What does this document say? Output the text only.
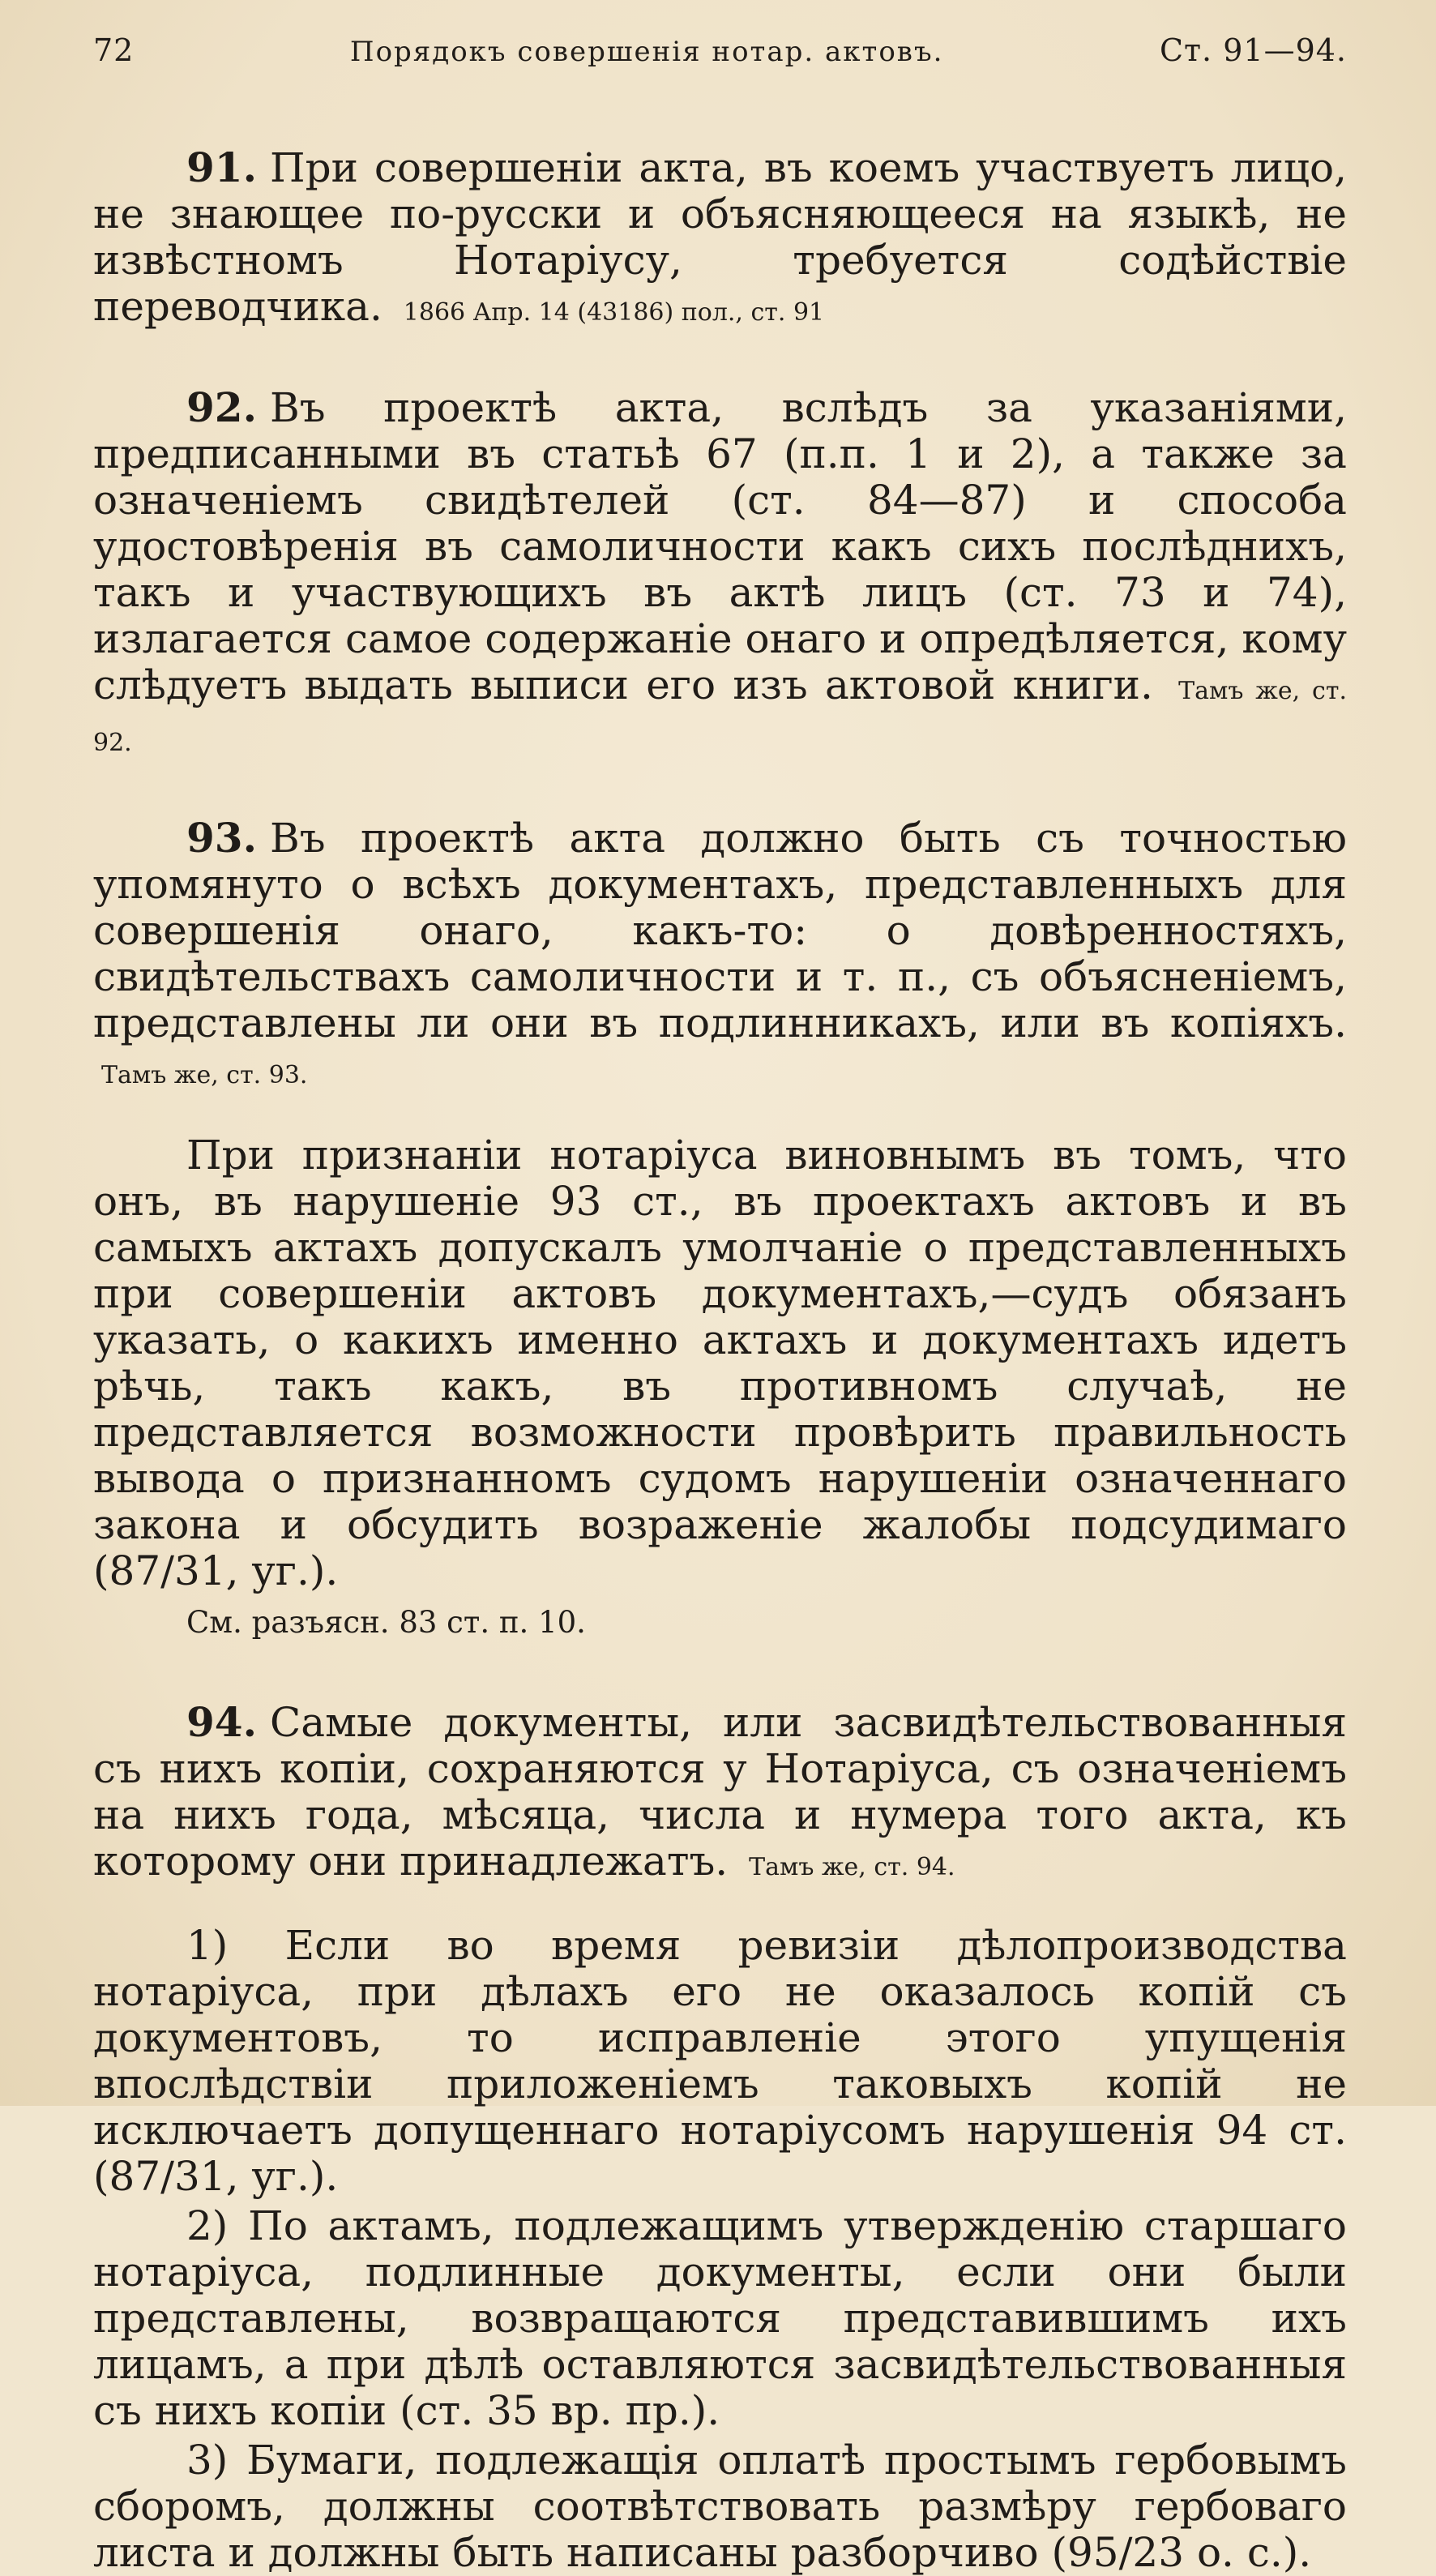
72	Порядокъ совершенія нотар. актовъ.	Ст. 91—94.

91. При совершеніи акта, въ коемъ участвуетъ лицо, не знающее по-русски и объясняющееся на языкѣ, не извѣстномъ Нотаріусу, требуется содѣйствіе переводчика. 1866 Апр. 14 (43186) пол., ст. 91

92. Въ проектѣ акта, вслѣдъ за указаніями, предписанными въ статьѣ 67 (п.п. 1 и 2), а также за означеніемъ свидѣтелей (ст. 84—87) и способа удостовѣренія въ самоличности какъ сихъ послѣднихъ, такъ и участвующихъ въ актѣ лицъ (ст. 73 и 74), излагается самое содержаніе онаго и опредѣляется, кому слѣдуетъ выдать выписи его изъ актовой книги. Тамъ же, ст. 92.

93. Въ проектѣ акта должно быть съ точностью упомянуто о всѣхъ документахъ, представленныхъ для совершенія онаго, какъ-то: о довѣренностяхъ, свидѣтельствахъ самоличности и т. п., съ объясненіемъ, представлены ли они въ подлинникахъ, или въ копіяхъ. Тамъ же, ст. 93.

При признаніи нотаріуса виновнымъ въ томъ, что онъ, въ нарушеніе 93 ст., въ проектахъ актовъ и въ самыхъ актахъ допускалъ умолчаніе о представленныхъ при совершеніи актовъ документахъ,—судъ обязанъ указать, о какихъ именно актахъ и документахъ идетъ рѣчь, такъ какъ, въ противномъ случаѣ, не представляется возможности провѣрить правильность вывода о признанномъ судомъ нарушеніи означеннаго закона и обсудить возраженіе жалобы подсудимаго (87/31, уг.).

См. разъясн. 83 ст. п. 10.

94. Самые документы, или засвидѣтельствованныя съ нихъ копіи, сохраняются у Нотаріуса, съ означеніемъ на нихъ года, мѣсяца, числа и нумера того акта, къ которому они принадлежатъ. Тамъ же, ст. 94.

1) Если во время ревизіи дѣлопроизводства нотаріуса, при дѣлахъ его не оказалось копій съ документовъ, то исправленіе этого упущенія впослѣдствіи приложеніемъ таковыхъ копій не исключаетъ допущеннаго нотаріусомъ нарушенія 94 ст. (87/31, уг.).

2) По актамъ, подлежащимъ утвержденію старшаго нотаріуса, подлинные документы, если они были представлены, возвращаются представившимъ ихъ лицамъ, а при дѣлѣ оставляются засвидѣтельствованныя съ нихъ копіи (ст. 35 вр. пр.).

3) Бумаги, подлежащія оплатѣ простымъ гербовымъ сборомъ, должны соотвѣтствовать размѣру гербоваго листа и должны быть написаны разборчиво (95/23 о. с.).
